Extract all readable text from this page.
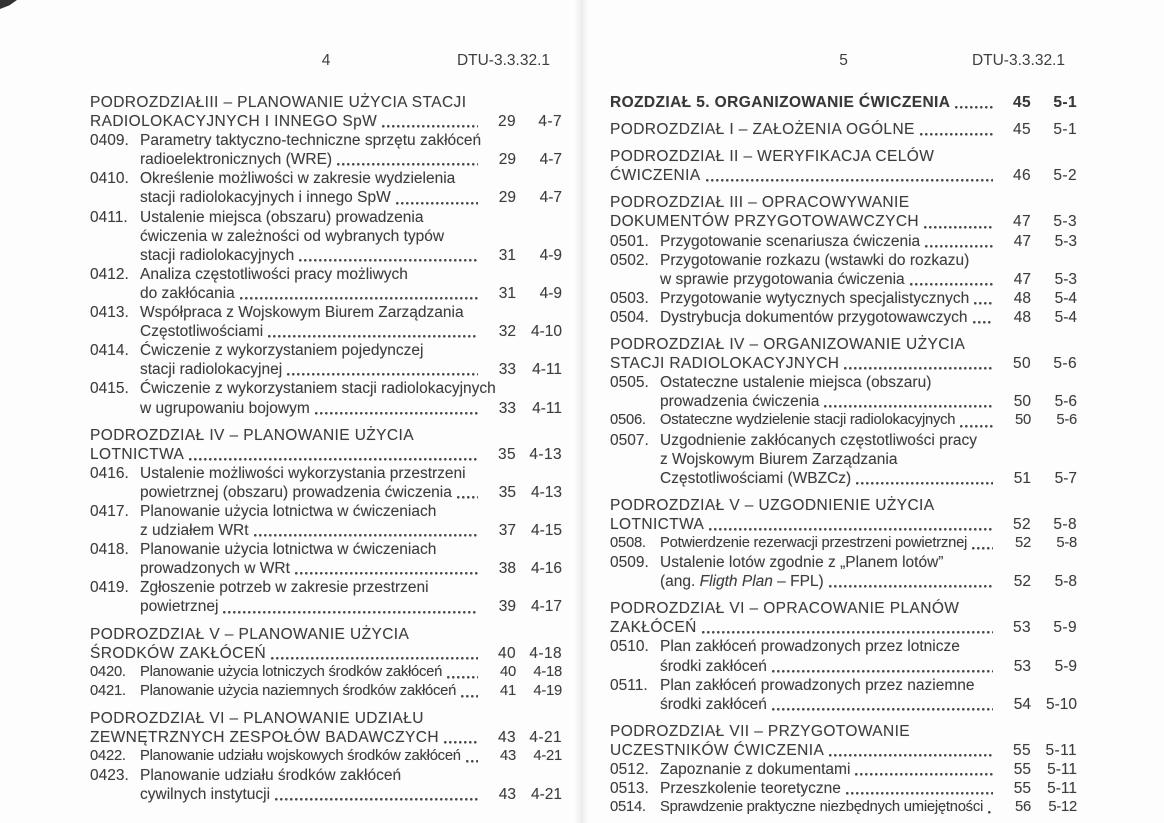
4	DTU-3.3.32.1
PODROZDZIAŁIII – PLANOWANIE UŻYCIA STACJI
RADIOLOKACYJNYCH I INNEGO SpW	29	4-7
0409. Parametry taktyczno-techniczne sprzętu zakłóceń
radioelektronicznych (WRE)	29	4-7
0410. Określenie możliwości w zakresie wydzielenia
stacji radiolokacyjnych i innego SpW	29	4-7
0411. Ustalenie miejsca (obszaru) prowadzenia
ćwiczenia w zależności od wybranych typów
stacji radiolokacyjnych	31	4-9
0412. Analiza częstotliwości pracy możliwych
do zakłócania	31	4-9
0413. Współpraca z Wojskowym Biurem Zarządzania
Częstotliwościami	32 4-10
0414. Ćwiczenie z wykorzystaniem pojedynczej
stacji radiolokacyjnej	33	4-11
0415. Ćwiczenie z wykorzystaniem stacji radiolokacyjnych
w ugrupowaniu bojowym	33	4-11
PODROZDZIAŁ IV – PLANOWANIE UŻYCIA
LOTNICTWA	35 4-13
0416. Ustalenie możliwości wykorzystania przestrzeni
powietrznej (obszaru) prowadzenia ćwiczenia	35 4-13
0417. Planowanie użycia lotnictwa w ćwiczeniach
z udziałem WRt	37 4-15
0418. Planowanie użycia lotnictwa w ćwiczeniach
prowadzonych w WRt	38 4-16
0419. Zgłoszenie potrzeb w zakresie przestrzeni
powietrznej	39 4-17
PODROZDZIAŁ V – PLANOWANIE UŻYCIA
ŚRODKÓW ZAKŁÓCEŃ	40 4-18
0420. Planowanie użycia lotniczych środków zakłóceń	40	4-18
0421. Planowanie użycia naziemnych środków zakłóceń	41	4-19
PODROZDZIAŁ VI – PLANOWANIE UDZIAŁU
ZEWNĘTRZNYCH ZESPOŁÓW BADAWCZYCH	43 4-21
0422. Planowanie udziału wojskowych środków zakłóceń	43	4-21
0423. Planowanie udziału środków zakłóceń
cywilnych instytucji	43 4-21
5	DTU-3.3.32.1
ROZDZIAŁ 5. ORGANIZOWANIE ĆWICZENIA	45	5-1
PODROZDZIAŁ I – ZAŁOŻENIA OGÓLNE	45	5-1
PODROZDZIAŁ II – WERYFIKACJA CELÓW
ĆWICZENIA	46	5-2
PODROZDZIAŁ III – OPRACOWYWANIE
DOKUMENTÓW PRZYGOTOWAWCZYCH	47	5-3
0501. Przygotowanie scenariusza ćwiczenia	47	5-3
0502. Przygotowanie rozkazu (wstawki do rozkazu)
w sprawie przygotowania ćwiczenia	47	5-3
0503. Przygotowanie wytycznych specjalistycznych	48	5-4
0504. Dystrybucja dokumentów przygotowawczych	48	5-4
PODROZDZIAŁ IV – ORGANIZOWANIE UŻYCIA
STACJI RADIOLOKACYJNYCH	50	5-6
0505. Ostateczne ustalenie miejsca (obszaru)
prowadzenia ćwiczenia	50	5-6
0506. Ostateczne wydzielenie stacji radiolokacyjnych	50	5-6
0507. Uzgodnienie zakłócanych częstotliwości pracy
z Wojskowym Biurem Zarządzania
Częstotliwościami (WBZCz)	51	5-7
PODROZDZIAŁ V – UZGODNIENIE UŻYCIA
LOTNICTWA	52	5-8
0508. Potwierdzenie rezerwacji przestrzeni powietrznej	52	5-8
0509. Ustalenie lotów zgodnie z „Planem lotów”
(ang. Fligth Plan – FPL)	52	5-8
PODROZDZIAŁ VI – OPRACOWANIE PLANÓW
ZAKŁÓCEŃ	53	5-9
0510. Plan zakłóceń prowadzonych przez lotnicze
środki zakłóceń	53	5-9
0511. Plan zakłóceń prowadzonych przez naziemne
środki zakłóceń	54 5-10
PODROZDZIAŁ VII – PRZYGOTOWANIE
UCZESTNIKÓW ĆWICZENIA	55 5-11
0512. Zapoznanie z dokumentami	55	5-11
0513. Przeszkolenie teoretyczne	55	5-11
0514. Sprawdzenie praktyczne niezbędnych umiejętności	56	5-12
